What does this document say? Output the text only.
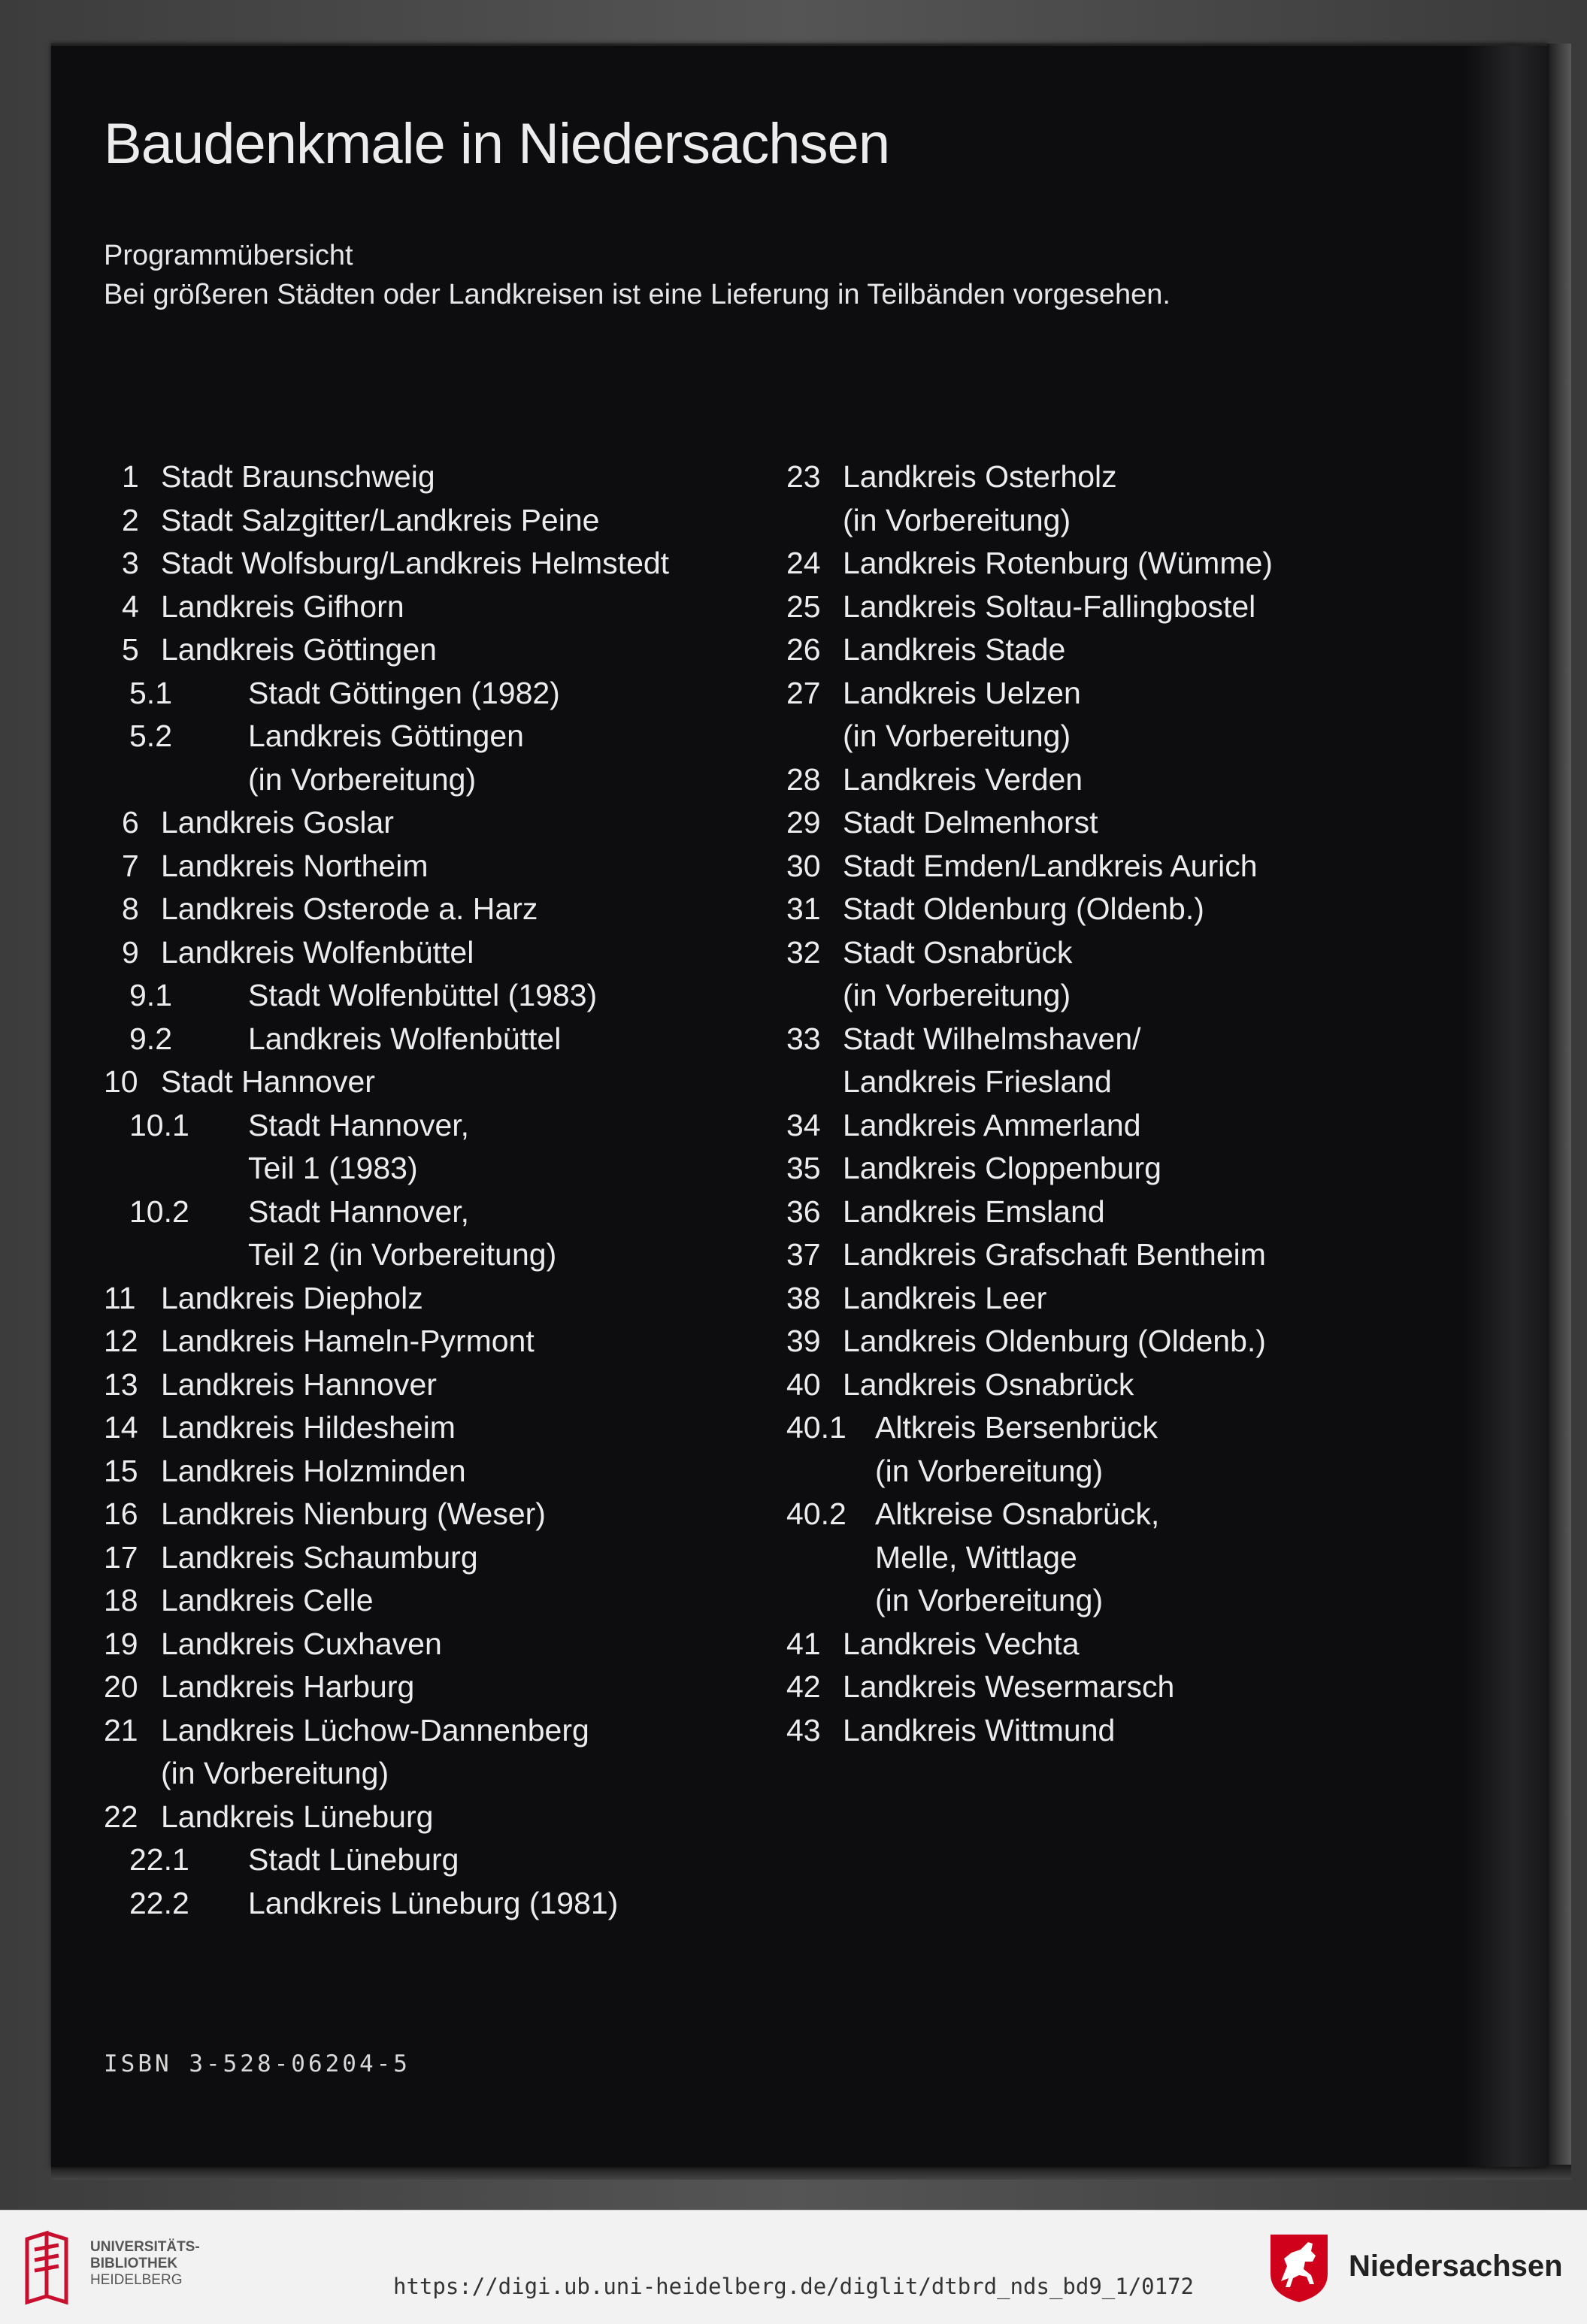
Baudenkmale in Niedersachsen
Programmübersicht
Bei größeren Städten oder Landkreisen ist eine Lieferung in Teilbänden vorgesehen.
1 Stadt Braunschweig
2 Stadt Salzgitter/Landkreis Peine
3 Stadt Wolfsburg/Landkreis Helmstedt
4 Landkreis Gifhorn
5 Landkreis Göttingen
5.1 Stadt Göttingen (1982)
5.2 Landkreis Göttingen
(in Vorbereitung)
6 Landkreis Goslar
7 Landkreis Northeim
8 Landkreis Osterode a. Harz
9 Landkreis Wolfenbüttel
9.1 Stadt Wolfenbüttel (1983)
9.2 Landkreis Wolfenbüttel
10 Stadt Hannover
10.1 Stadt Hannover,
Teil 1 (1983)
10.2 Stadt Hannover,
Teil 2 (in Vorbereitung)
11 Landkreis Diepholz
12 Landkreis Hameln-Pyrmont
13 Landkreis Hannover
14 Landkreis Hildesheim
15 Landkreis Holzminden
16 Landkreis Nienburg (Weser)
17 Landkreis Schaumburg
18 Landkreis Celle
19 Landkreis Cuxhaven
20 Landkreis Harburg
21 Landkreis Lüchow-Dannenberg
(in Vorbereitung)
22 Landkreis Lüneburg
22.1 Stadt Lüneburg
22.2 Landkreis Lüneburg (1981)
23 Landkreis Osterholz
(in Vorbereitung)
24 Landkreis Rotenburg (Wümme)
25 Landkreis Soltau-Fallingbostel
26 Landkreis Stade
27 Landkreis Uelzen
(in Vorbereitung)
28 Landkreis Verden
29 Stadt Delmenhorst
30 Stadt Emden/Landkreis Aurich
31 Stadt Oldenburg (Oldenb.)
32 Stadt Osnabrück
(in Vorbereitung)
33 Stadt Wilhelmshaven/
Landkreis Friesland
34 Landkreis Ammerland
35 Landkreis Cloppenburg
36 Landkreis Emsland
37 Landkreis Grafschaft Bentheim
38 Landkreis Leer
39 Landkreis Oldenburg (Oldenb.)
40 Landkreis Osnabrück
40.1 Altkreis Bersenbrück
(in Vorbereitung)
40.2 Altkreise Osnabrück,
Melle, Wittlage
(in Vorbereitung)
41 Landkreis Vechta
42 Landkreis Wesermarsch
43 Landkreis Wittmund
ISBN 3-528-06204-5
UNIVERSITÄTS-
BIBLIOTHEK
HEIDELBERG	https://digi.ub.uni-heidelberg.de/diglit/dtbrd_nds_bd9_1/0172
Niedersachsen
